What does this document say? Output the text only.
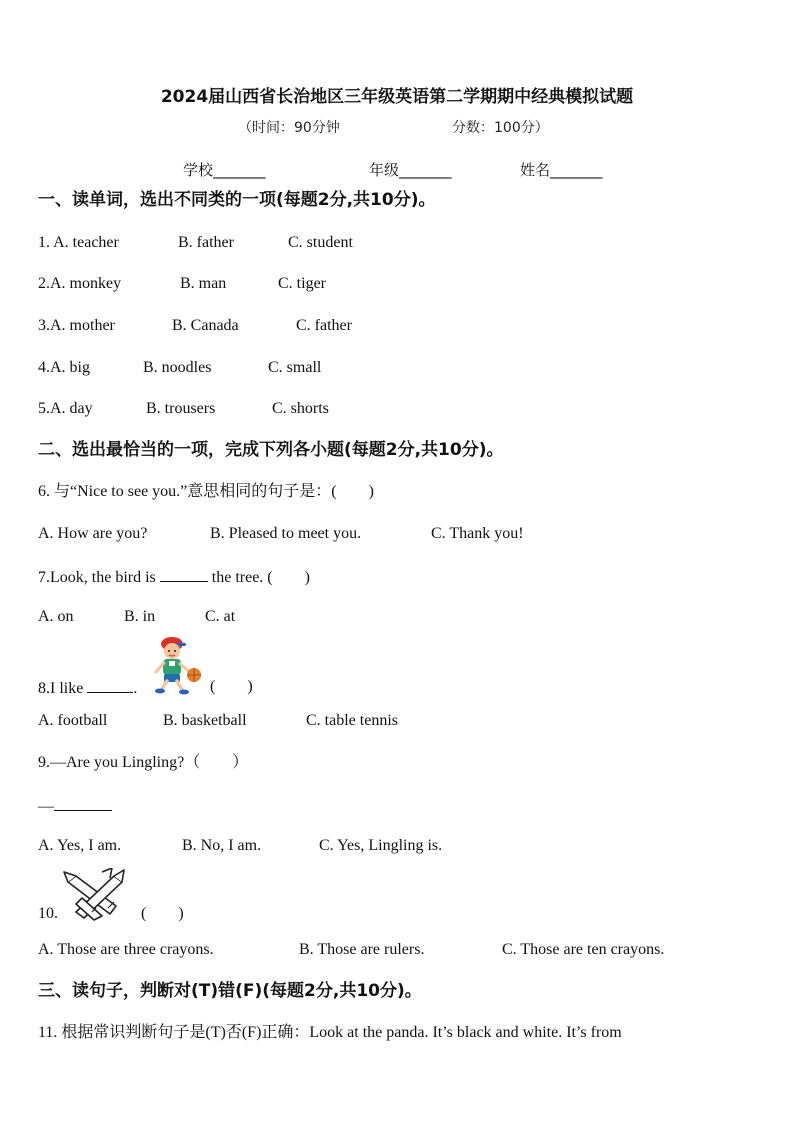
2024届山西省长治地区三年级英语第二学期期中经典模拟试题
（时间：90分钟	分数：100分）
学校_______	年级_______	姓名_______
一、读单词，选出不同类的一项(每题2分,共10分)。
1. A. teacher	B. father	C. student
2.A. monkey	B. man	C. tiger
3.A. mother	B. Canada	C. father
4.A. big	B. noodles	C. small
5.A. day	B. trousers	C. shorts
二、选出最恰当的一项，完成下列各小题(每题2分,共10分)。
6. 与“Nice to see you.”意思相同的句子是：(　　)
A. How are you?	B. Pleased to meet you.	C. Thank you!
7.Look, the bird is	the tree. (　　)
A. on	B. in	C. at
8.I like	.	(　　)
A. football	B. basketball	C. table tennis
9.—Are you Lingling?（　　）
—
A. Yes, I am.	B. No, I am.	C. Yes, Lingling is.
10.	(　　)
A. Those are three crayons.	B. Those are rulers.	C. Those are ten crayons.
三、读句子，判断对(T)错(F)(每题2分,共10分)。
11. 根据常识判断句子是(T)否(F)正确：Look at the panda. It’s black and white. It’s from
